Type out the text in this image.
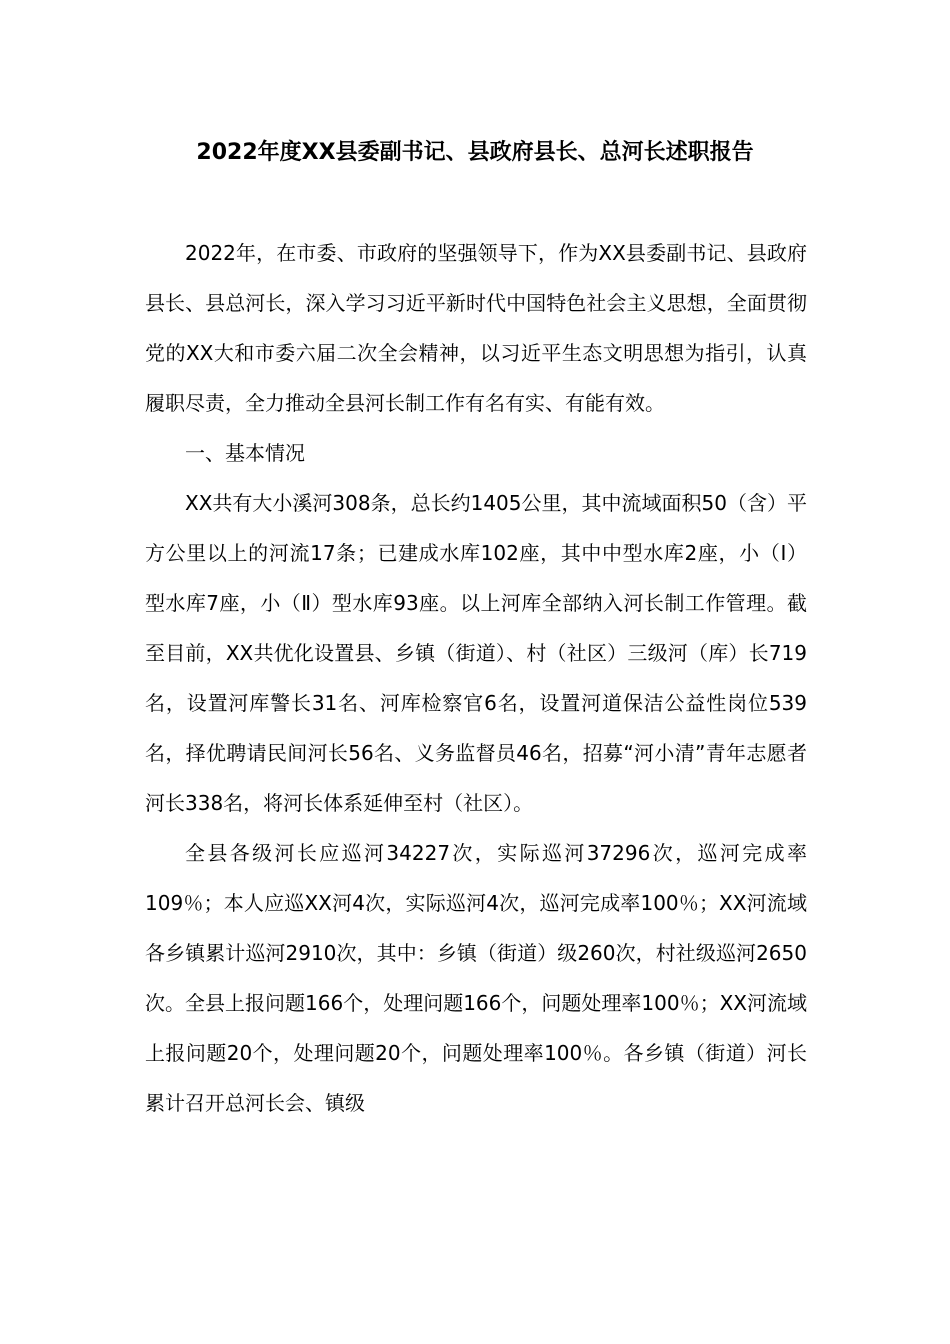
2022年度XX县委副书记、县政府县长、总河长述职报告

2022年，在市委、市政府的坚强领导下，作为XX县委副书记、县政府县长、县总河长，深入学习习近平新时代中国特色社会主义思想，全面贯彻党的XX大和市委六届二次全会精神，以习近平生态文明思想为指引，认真履职尽责，全力推动全县河长制工作有名有实、有能有效。

一、基本情况

XX共有大小溪河308条，总长约1405公里，其中流域面积50（含）平方公里以上的河流17条；已建成水库102座，其中中型水库2座，小（Ⅰ）型水库7座，小（Ⅱ）型水库93座。以上河库全部纳入河长制工作管理。截至目前，XX共优化设置县、乡镇（街道）、村（社区）三级河（库）长719名，设置河库警长31名、河库检察官6名，设置河道保洁公益性岗位539名，择优聘请民间河长56名、义务监督员46名，招募“河小清”青年志愿者河长338名，将河长体系延伸至村（社区）。

全县各级河长应巡河34227次，实际巡河37296次，巡河完成率109％；本人应巡XX河4次，实际巡河4次，巡河完成率100％；XX河流域各乡镇累计巡河2910次，其中：乡镇（街道）级260次，村社级巡河2650次。全县上报问题166个，处理问题166个，问题处理率100％；XX河流域上报问题20个，处理问题20个，问题处理率100％。各乡镇（街道）河长累计召开总河长会、镇级
